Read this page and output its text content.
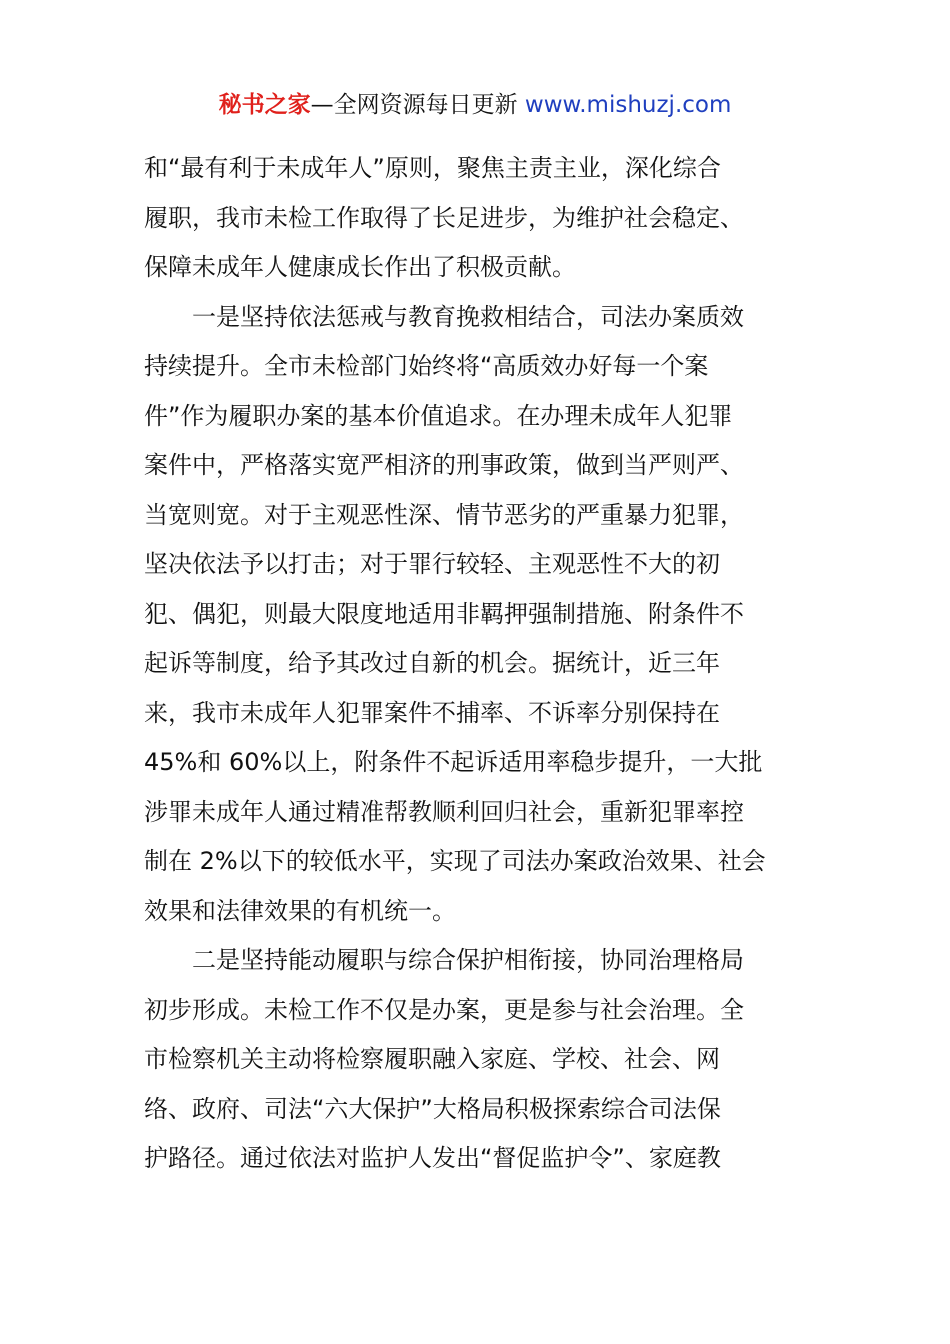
秘书之家—全网资源每日更新 www.mishuzj.com
和“最有利于未成年人”原则，聚焦主责主业，深化综合
履职，我市未检工作取得了长足进步，为维护社会稳定、
保障未成年人健康成长作出了积极贡献。
一是坚持依法惩戒与教育挽救相结合，司法办案质效
持续提升。全市未检部门始终将“高质效办好每一个案
件”作为履职办案的基本价值追求。在办理未成年人犯罪
案件中，严格落实宽严相济的刑事政策，做到当严则严、
当宽则宽。对于主观恶性深、情节恶劣的严重暴力犯罪，
坚决依法予以打击；对于罪行较轻、主观恶性不大的初
犯、偶犯，则最大限度地适用非羁押强制措施、附条件不
起诉等制度，给予其改过自新的机会。据统计，近三年
来，我市未成年人犯罪案件不捕率、不诉率分别保持在
45%和 60%以上，附条件不起诉适用率稳步提升，一大批
涉罪未成年人通过精准帮教顺利回归社会，重新犯罪率控
制在 2%以下的较低水平，实现了司法办案政治效果、社会
效果和法律效果的有机统一。
二是坚持能动履职与综合保护相衔接，协同治理格局
初步形成。未检工作不仅是办案，更是参与社会治理。全
市检察机关主动将检察履职融入家庭、学校、社会、网
络、政府、司法“六大保护”大格局积极探索综合司法保
护路径。通过依法对监护人发出“督促监护令”、家庭教
